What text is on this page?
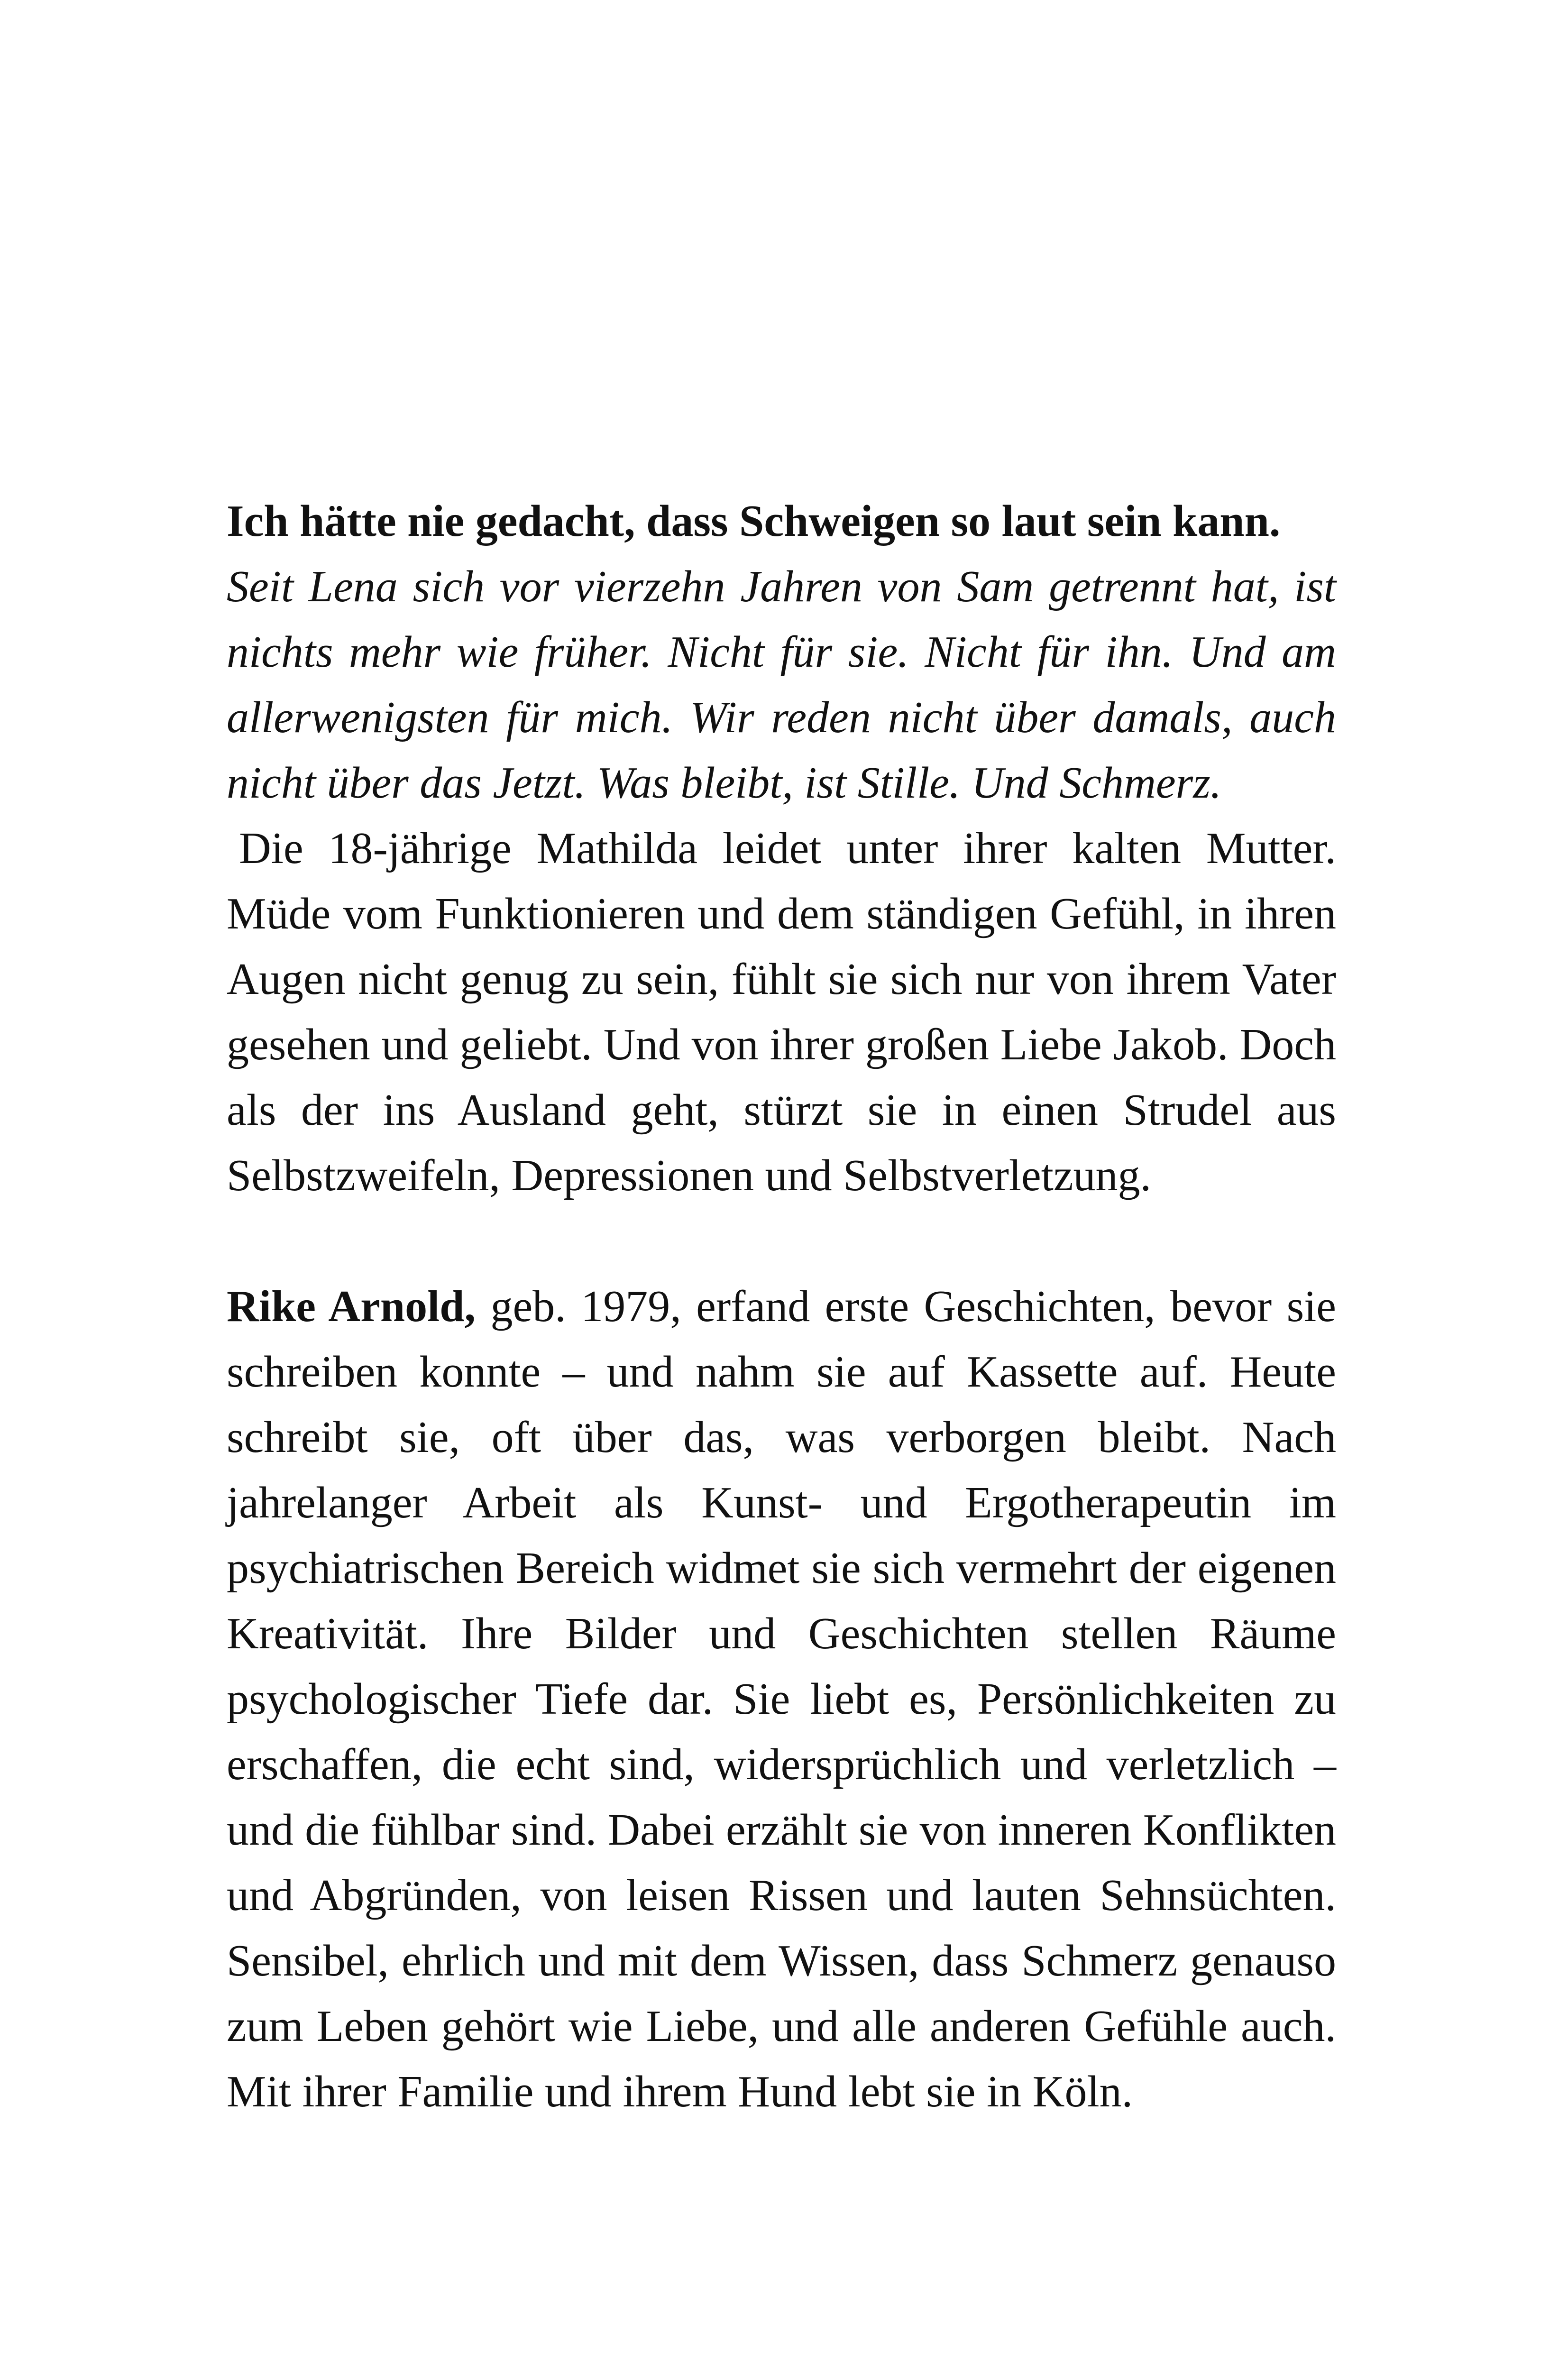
Ich hätte nie gedacht, dass Schweigen so laut sein kann.

Seit Lena sich vor vierzehn Jahren von Sam getrennt hat, ist nichts mehr wie früher. Nicht für sie. Nicht für ihn. Und am allerwenigsten für mich. Wir reden nicht über damals, auch nicht über das Jetzt. Was bleibt, ist Stille. Und Schmerz.

Die 18-jährige Mathilda leidet unter ihrer kalten Mutter. Müde vom Funktionieren und dem ständigen Gefühl, in ihren Augen nicht genug zu sein, fühlt sie sich nur von ihrem Vater gesehen und geliebt. Und von ihrer großen Liebe Jakob. Doch als der ins Ausland geht, stürzt sie in einen Strudel aus Selbstzweifeln, Depressionen und Selbstverletzung.

Rike Arnold, geb. 1979, erfand erste Geschichten, bevor sie schreiben konnte – und nahm sie auf Kassette auf. Heute schreibt sie, oft über das, was verborgen bleibt. Nach jahrelanger Arbeit als Kunst- und Ergotherapeutin im psychiatrischen Bereich widmet sie sich vermehrt der eigenen Kreativität. Ihre Bilder und Geschichten stellen Räume psychologischer Tiefe dar. Sie liebt es, Persönlichkeiten zu erschaffen, die echt sind, widersprüchlich und verletzlich – und die fühlbar sind. Dabei erzählt sie von inneren Konflikten und Abgründen, von leisen Rissen und lauten Sehnsüchten. Sensibel, ehrlich und mit dem Wissen, dass Schmerz genauso zum Leben gehört wie Liebe, und alle anderen Gefühle auch. Mit ihrer Familie und ihrem Hund lebt sie in Köln.
